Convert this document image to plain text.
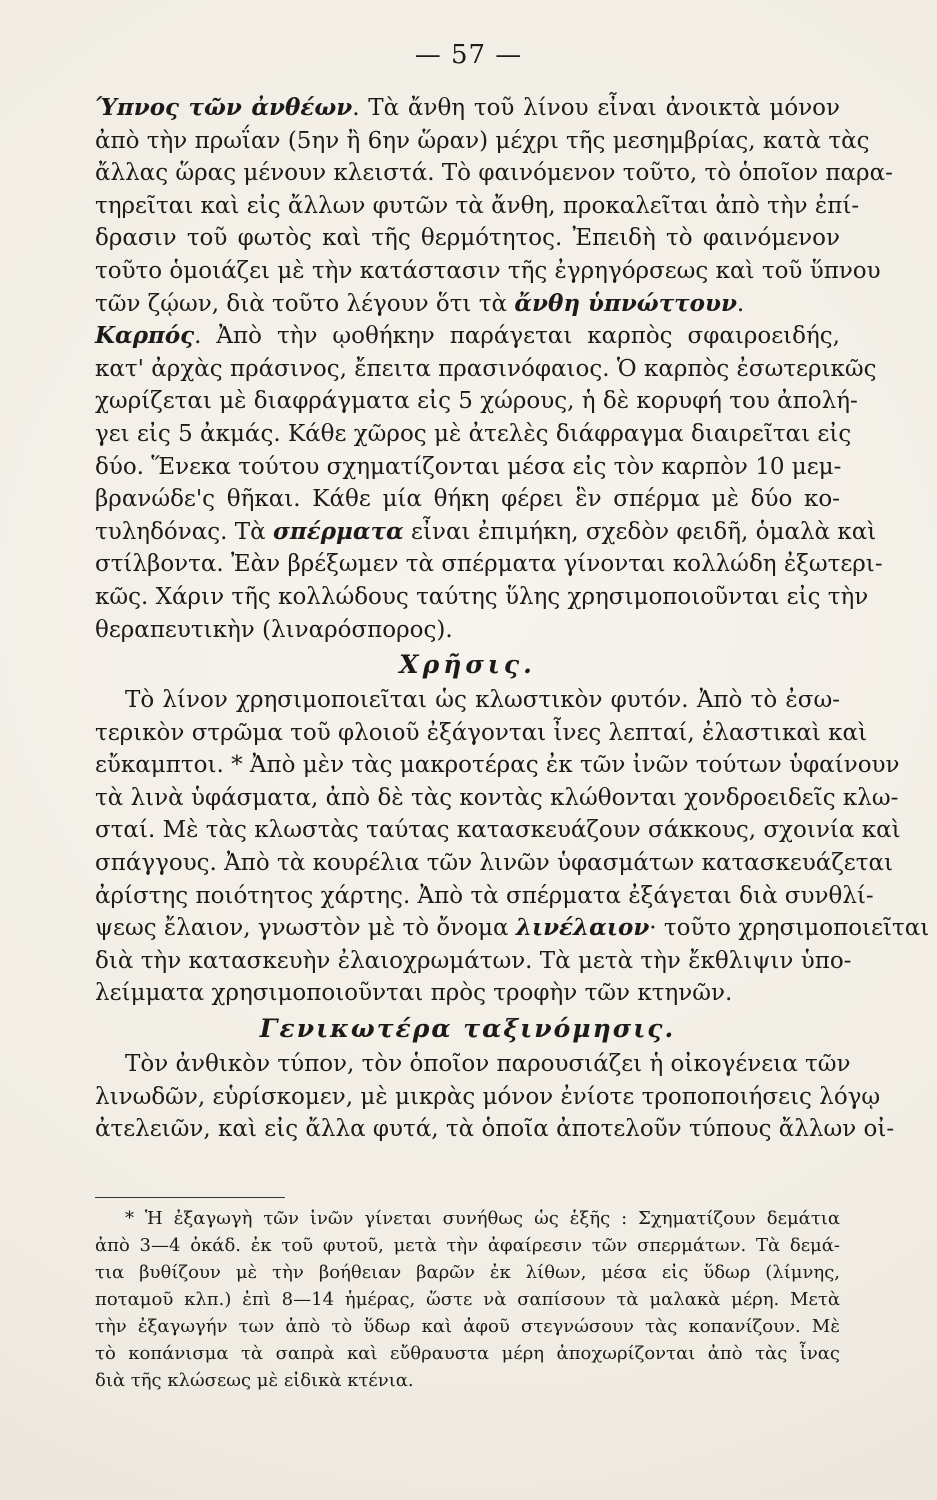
— 57 —
Ύπνος τῶν ἀνθέων. Τὰ ἄνθη τοῦ λίνου εἶναι ἀνοικτὰ μόνον
ἀπὸ τὴν πρωΐαν (5ην ἢ 6ην ὥραν) μέχρι τῆς μεσημβρίας, κατὰ τὰς
ἄλλας ὥρας μένουν κλειστά. Τὸ φαινόμενον τοῦτο, τὸ ὁποῖον παρα-
τηρεῖται καὶ εἰς ἄλλων φυτῶν τὰ ἄνθη, προκαλεῖται ἀπὸ τὴν ἐπί-
δρασιν τοῦ φωτὸς καὶ τῆς θερμότητος. Ἐπειδὴ τὸ φαινόμενον
τοῦτο ὁμοιάζει μὲ τὴν κατάστασιν τῆς ἐγρηγόρσεως καὶ τοῦ ὕπνου
τῶν ζῴων, διὰ τοῦτο λέγουν ὅτι τὰ ἄνθη ὑπνώττουν.
Καρπός. Ἀπὸ τὴν ῳοθήκην παράγεται καρπὸς σφαιροειδής,
κατ' ἀρχὰς πράσινος, ἔπειτα πρασινόφαιος. Ὁ καρπὸς ἐσωτερικῶς
χωρίζεται μὲ διαφράγματα εἰς 5 χώρους, ἡ δὲ κορυφή του ἀπολή-
γει εἰς 5 ἀκμάς. Κάθε χῶρος μὲ ἀτελὲς διάφραγμα διαιρεῖται εἰς
δύο. Ἕνεκα τούτου σχηματίζονται μέσα εἰς τὸν καρπὸν 10 μεμ-
βρανώδε'ς θῆκαι. Κάθε μία θήκη φέρει ἓν σπέρμα μὲ δύο κο-
τυληδόνας. Τὰ σπέρματα εἶναι ἐπιμήκη, σχεδὸν φειδῆ, ὁμαλὰ καὶ
στίλβοντα. Ἐὰν βρέξωμεν τὰ σπέρματα γίνονται κολλώδη ἐξωτερι-
κῶς. Χάριν τῆς κολλώδους ταύτης ὕλης χρησιμοποιοῦνται εἰς τὴν
θεραπευτικὴν (λιναρόσπορος).
Χρῆσις.
Τὸ λίνον χρησιμοποιεῖται ὡς κλωστικὸν φυτόν. Ἀπὸ τὸ ἐσω-
τερικὸν στρῶμα τοῦ φλοιοῦ ἐξάγονται ἶνες λεπταί, ἐλαστικαὶ καὶ
εὔκαμπτοι. * Ἀπὸ μὲν τὰς μακροτέρας ἐκ τῶν ἰνῶν τούτων ὑφαίνουν
τὰ λινὰ ὑφάσματα, ἀπὸ δὲ τὰς κοντὰς κλώθονται χονδροειδεῖς κλω-
σταί. Μὲ τὰς κλωστὰς ταύτας κατασκευάζουν σάκκους, σχοινία καὶ
σπάγγους. Ἀπὸ τὰ κουρέλια τῶν λινῶν ὑφασμάτων κατασκευάζεται
ἀρίστης ποιότητος χάρτης. Ἀπὸ τὰ σπέρματα ἐξάγεται διὰ συνθλί-
ψεως ἔλαιον, γνωστὸν μὲ τὸ ὄνομα λινέλαιον· τοῦτο χρησιμοποιεῖται
διὰ τὴν κατασκευὴν ἐλαιοχρωμάτων. Τὰ μετὰ τὴν ἔκθλιψιν ὑπο-
λείμματα χρησιμοποιοῦνται πρὸς τροφὴν τῶν κτηνῶν.
Γενικωτέρα ταξινόμησις.
Τὸν ἀνθικὸν τύπον, τὸν ὁποῖον παρουσιάζει ἡ οἰκογένεια τῶν
λινωδῶν, εὑρίσκομεν, μὲ μικρὰς μόνον ἐνίοτε τροποποιήσεις λόγῳ
ἀτελειῶν, καὶ εἰς ἄλλα φυτά, τὰ ὁποῖα ἀποτελοῦν τύπους ἄλλων οἰ-
* Ἡ ἐξαγωγὴ τῶν ἰνῶν γίνεται συνήθως ὡς ἑξῆς : Σχηματίζουν δεμάτια
ἀπὸ 3—4 ὀκάδ. ἐκ τοῦ φυτοῦ, μετὰ τὴν ἀφαίρεσιν τῶν σπερμάτων. Τὰ δεμά-
τια βυθίζουν μὲ τὴν βοήθειαν βαρῶν ἐκ λίθων, μέσα εἰς ὕδωρ (λίμνης,
ποταμοῦ κλπ.) ἐπὶ 8—14 ἡμέρας, ὥστε νὰ σαπίσουν τὰ μαλακὰ μέρη. Μετὰ
τὴν ἐξαγωγήν των ἀπὸ τὸ ὕδωρ καὶ ἀφοῦ στεγνώσουν τὰς κοπανίζουν. Μὲ
τὸ κοπάνισμα τὰ σαπρὰ καὶ εὔθραυστα μέρη ἀποχωρίζονται ἀπὸ τὰς ἶνας
διὰ τῆς κλώσεως μὲ εἰδικὰ κτένια.
